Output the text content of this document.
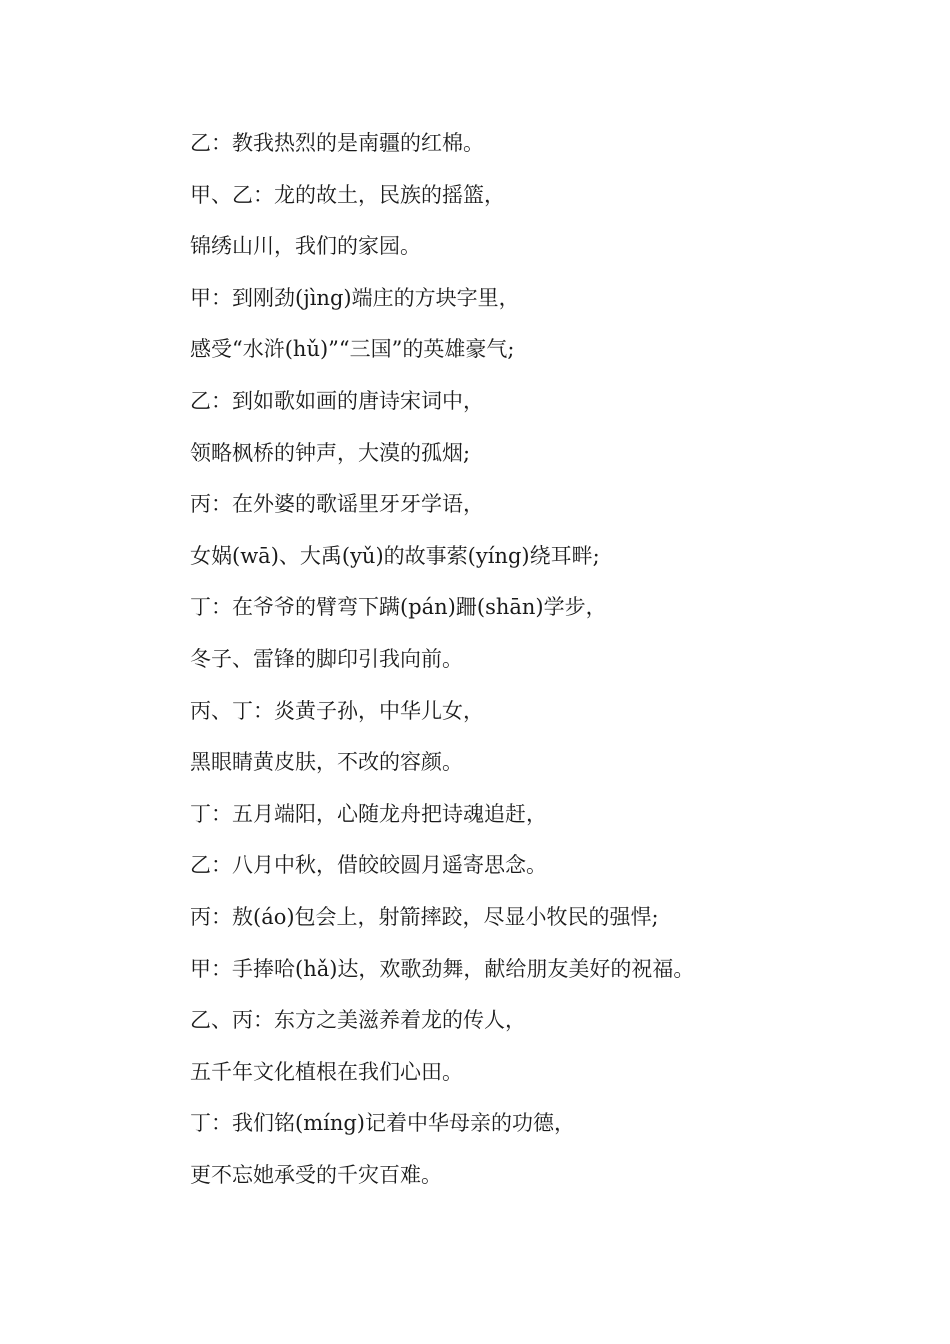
乙：教我热烈的是南疆的红棉。
甲、乙：龙的故土，民族的摇篮，
锦绣山川，我们的家园。
甲：到刚劲(jìng)端庄的方块字里，
感受“水浒(hǔ)”“三国”的英雄豪气;
乙：到如歌如画的唐诗宋词中，
领略枫桥的钟声，大漠的孤烟;
丙：在外婆的歌谣里牙牙学语，
女娲(wā)、大禹(yǔ)的故事萦(yíng)绕耳畔;
丁：在爷爷的臂弯下蹒(pán)跚(shān)学步，
冬子、雷锋的脚印引我向前。
丙、丁：炎黄子孙，中华儿女，
黑眼睛黄皮肤，不改的容颜。
丁：五月端阳，心随龙舟把诗魂追赶，
乙：八月中秋，借皎皎圆月遥寄思念。
丙：敖(áo)包会上，射箭摔跤，尽显小牧民的强悍;
甲：手捧哈(hǎ)达，欢歌劲舞，献给朋友美好的祝福。
乙、丙：东方之美滋养着龙的传人，
五千年文化植根在我们心田。
丁：我们铭(míng)记着中华母亲的功德，
更不忘她承受的千灾百难。
